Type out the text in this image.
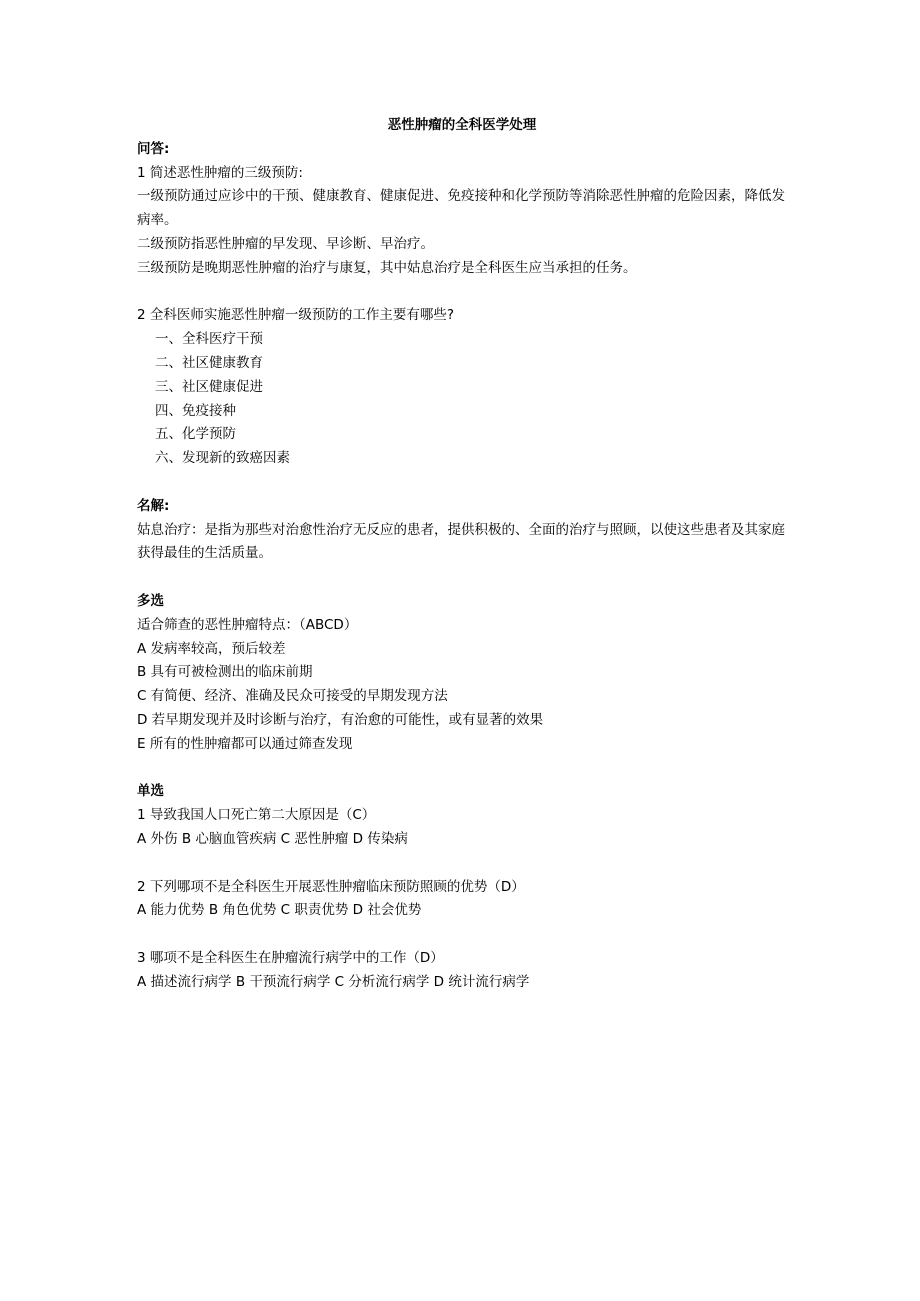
恶性肿瘤的全科医学处理
问答:
1 简述恶性肿瘤的三级预防:
一级预防通过应诊中的干预、健康教育、健康促进、免疫接种和化学预防等消除恶性肿瘤的危险因素，降低发病率。
二级预防指恶性肿瘤的早发现、早诊断、早治疗。
三级预防是晚期恶性肿瘤的治疗与康复，其中姑息治疗是全科医生应当承担的任务。
2 全科医师实施恶性肿瘤一级预防的工作主要有哪些?
一、全科医疗干预
二、社区健康教育
三、社区健康促进
四、免疫接种
五、化学预防
六、发现新的致癌因素
名解:
姑息治疗：是指为那些对治愈性治疗无反应的患者，提供积极的、全面的治疗与照顾，以使这些患者及其家庭获得最佳的生活质量。
多选
适合筛查的恶性肿瘤特点：（ABCD）
A 发病率较高，预后较差
B 具有可被检测出的临床前期
C 有简便、经济、准确及民众可接受的早期发现方法
D 若早期发现并及时诊断与治疗，有治愈的可能性，或有显著的效果
E 所有的性肿瘤都可以通过筛查发现
单选
1 导致我国人口死亡第二大原因是（C）
A 外伤 B 心脑血管疾病 C 恶性肿瘤 D 传染病
2 下列哪项不是全科医生开展恶性肿瘤临床预防照顾的优势（D）
A 能力优势 B 角色优势 C 职责优势 D 社会优势
3 哪项不是全科医生在肿瘤流行病学中的工作（D）
A 描述流行病学 B 干预流行病学 C 分析流行病学 D 统计流行病学
